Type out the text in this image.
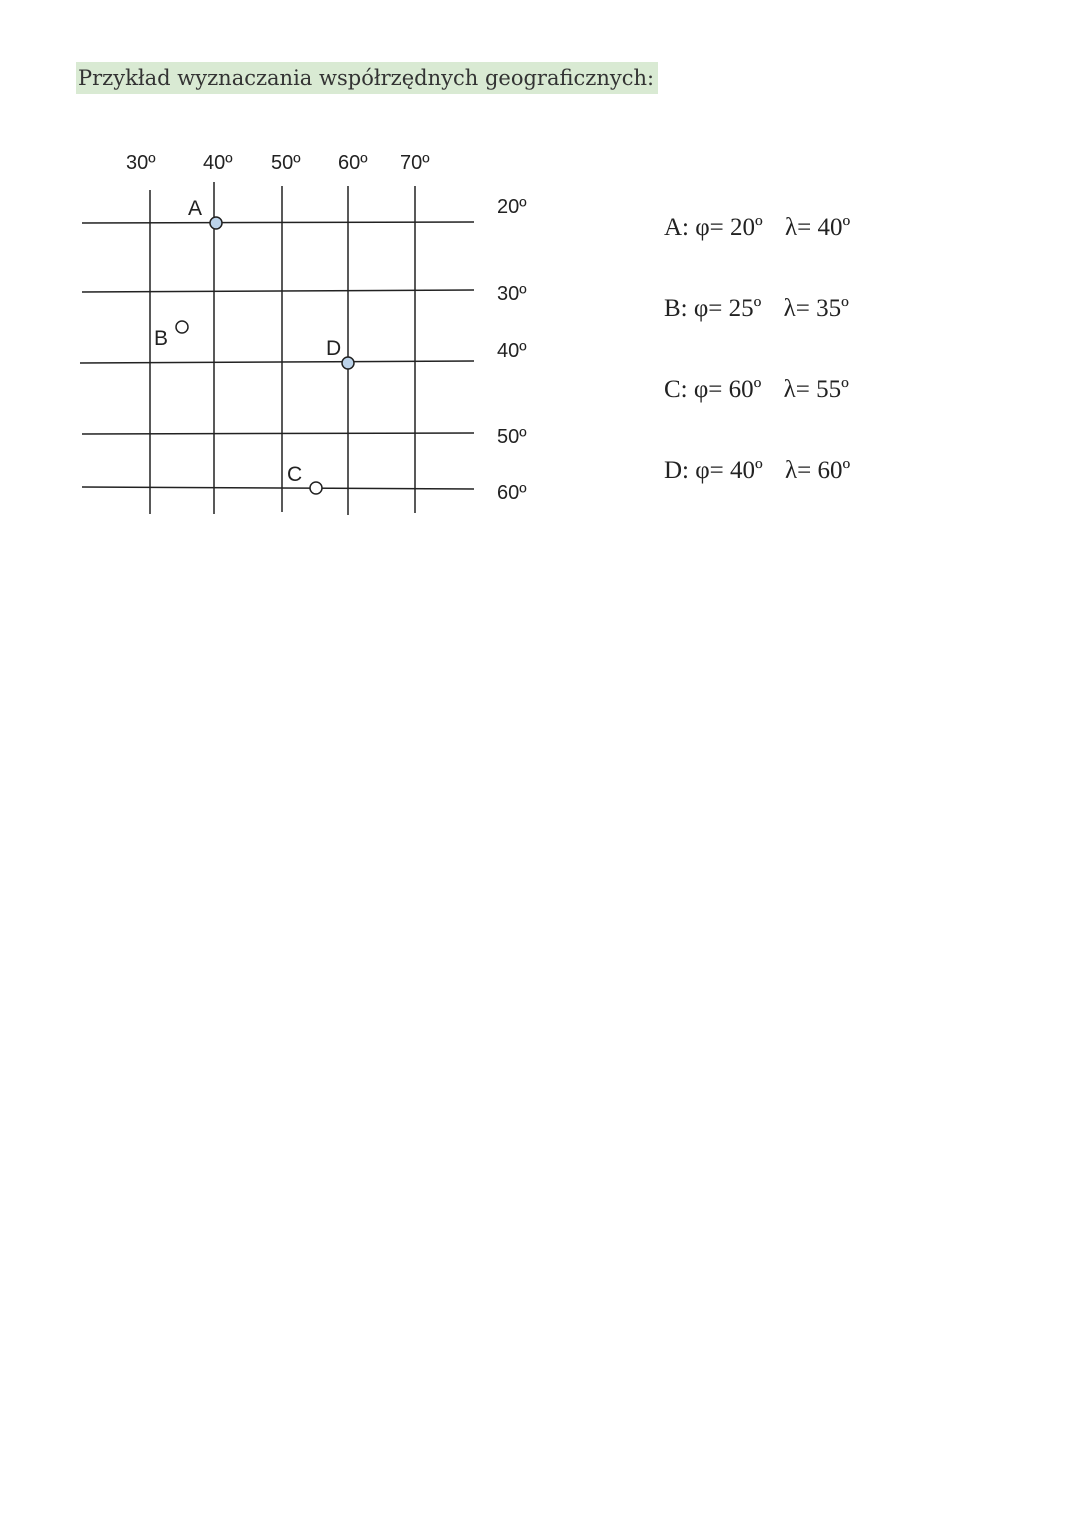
Przykład wyznaczania współrzędnych geograficznych:
30º 40º 50º 60º 70º
20º
30º
40º
50º
60º
A
B
C
D
A: φ= 20º λ= 40º
B: φ= 25º λ= 35º
C: φ= 60º λ= 55º
D: φ= 40º λ= 60º
